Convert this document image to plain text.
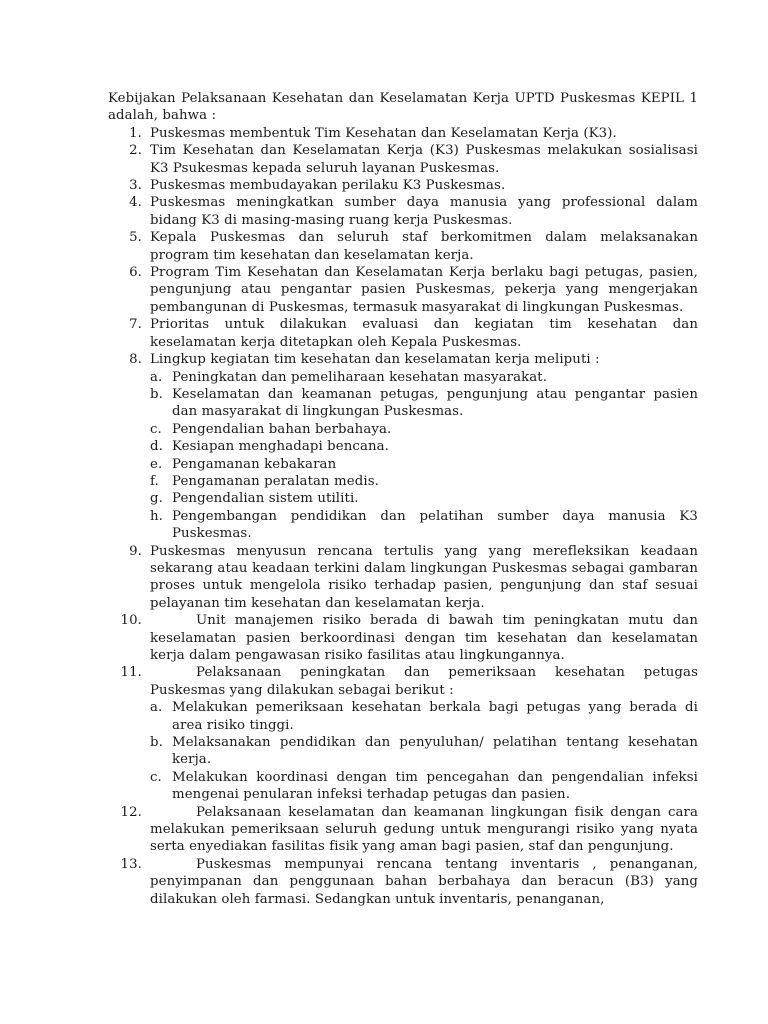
Kebijakan Pelaksanaan Kesehatan dan Keselamatan Kerja UPTD Puskesmas KEPIL 1 adalah, bahwa :
1. Puskesmas membentuk Tim Kesehatan dan Keselamatan Kerja (K3).
2. Tim Kesehatan dan Keselamatan Kerja (K3) Puskesmas melakukan sosialisasi K3 Psukesmas kepada seluruh layanan Puskesmas.
3. Puskesmas membudayakan perilaku K3 Puskesmas.
4. Puskesmas meningkatkan sumber daya manusia yang professional dalam bidang K3 di masing-masing ruang kerja Puskesmas.
5. Kepala Puskesmas dan seluruh staf berkomitmen dalam melaksanakan program tim kesehatan dan keselamatan kerja.
6. Program Tim Kesehatan dan Keselamatan Kerja berlaku bagi petugas, pasien, pengunjung atau pengantar pasien Puskesmas, pekerja yang mengerjakan pembangunan di Puskesmas, termasuk masyarakat di lingkungan Puskesmas.
7. Prioritas untuk dilakukan evaluasi dan kegiatan tim kesehatan dan keselamatan kerja ditetapkan oleh Kepala Puskesmas.
8. Lingkup kegiatan tim kesehatan dan keselamatan kerja meliputi :
a. Peningkatan dan pemeliharaan kesehatan masyarakat.
b. Keselamatan dan keamanan petugas, pengunjung atau pengantar pasien dan masyarakat di lingkungan Puskesmas.
c. Pengendalian bahan berbahaya.
d. Kesiapan menghadapi bencana.
e. Pengamanan kebakaran
f. Pengamanan peralatan medis.
g. Pengendalian sistem utiliti.
h. Pengembangan pendidikan dan pelatihan sumber daya manusia K3 Puskesmas.
9. Puskesmas menyusun rencana tertulis yang yang merefleksikan keadaan sekarang atau keadaan terkini dalam lingkungan Puskesmas sebagai gambaran proses untuk mengelola risiko terhadap pasien, pengunjung dan staf sesuai pelayanan tim kesehatan dan keselamatan kerja.
10.	Unit manajemen risiko berada di bawah tim peningkatan mutu dan keselamatan pasien berkoordinasi dengan tim kesehatan dan keselamatan kerja dalam pengawasan risiko fasilitas atau lingkungannya.
11.	Pelaksanaan peningkatan dan pemeriksaan kesehatan petugas Puskesmas yang dilakukan sebagai berikut :
a. Melakukan pemeriksaan kesehatan berkala bagi petugas yang berada di area risiko tinggi.
b. Melaksanakan pendidikan dan penyuluhan/ pelatihan tentang kesehatan kerja.
c. Melakukan koordinasi dengan tim pencegahan dan pengendalian infeksi mengenai penularan infeksi terhadap petugas dan pasien.
12.	Pelaksanaan keselamatan dan keamanan lingkungan fisik dengan cara melakukan pemeriksaan seluruh gedung untuk mengurangi risiko yang nyata serta enyediakan fasilitas fisik yang aman bagi pasien, staf dan pengunjung.
13.	Puskesmas mempunyai rencana tentang inventaris , penanganan, penyimpanan dan penggunaan bahan berbahaya dan beracun (B3) yang dilakukan oleh farmasi. Sedangkan untuk inventaris, penanganan,
